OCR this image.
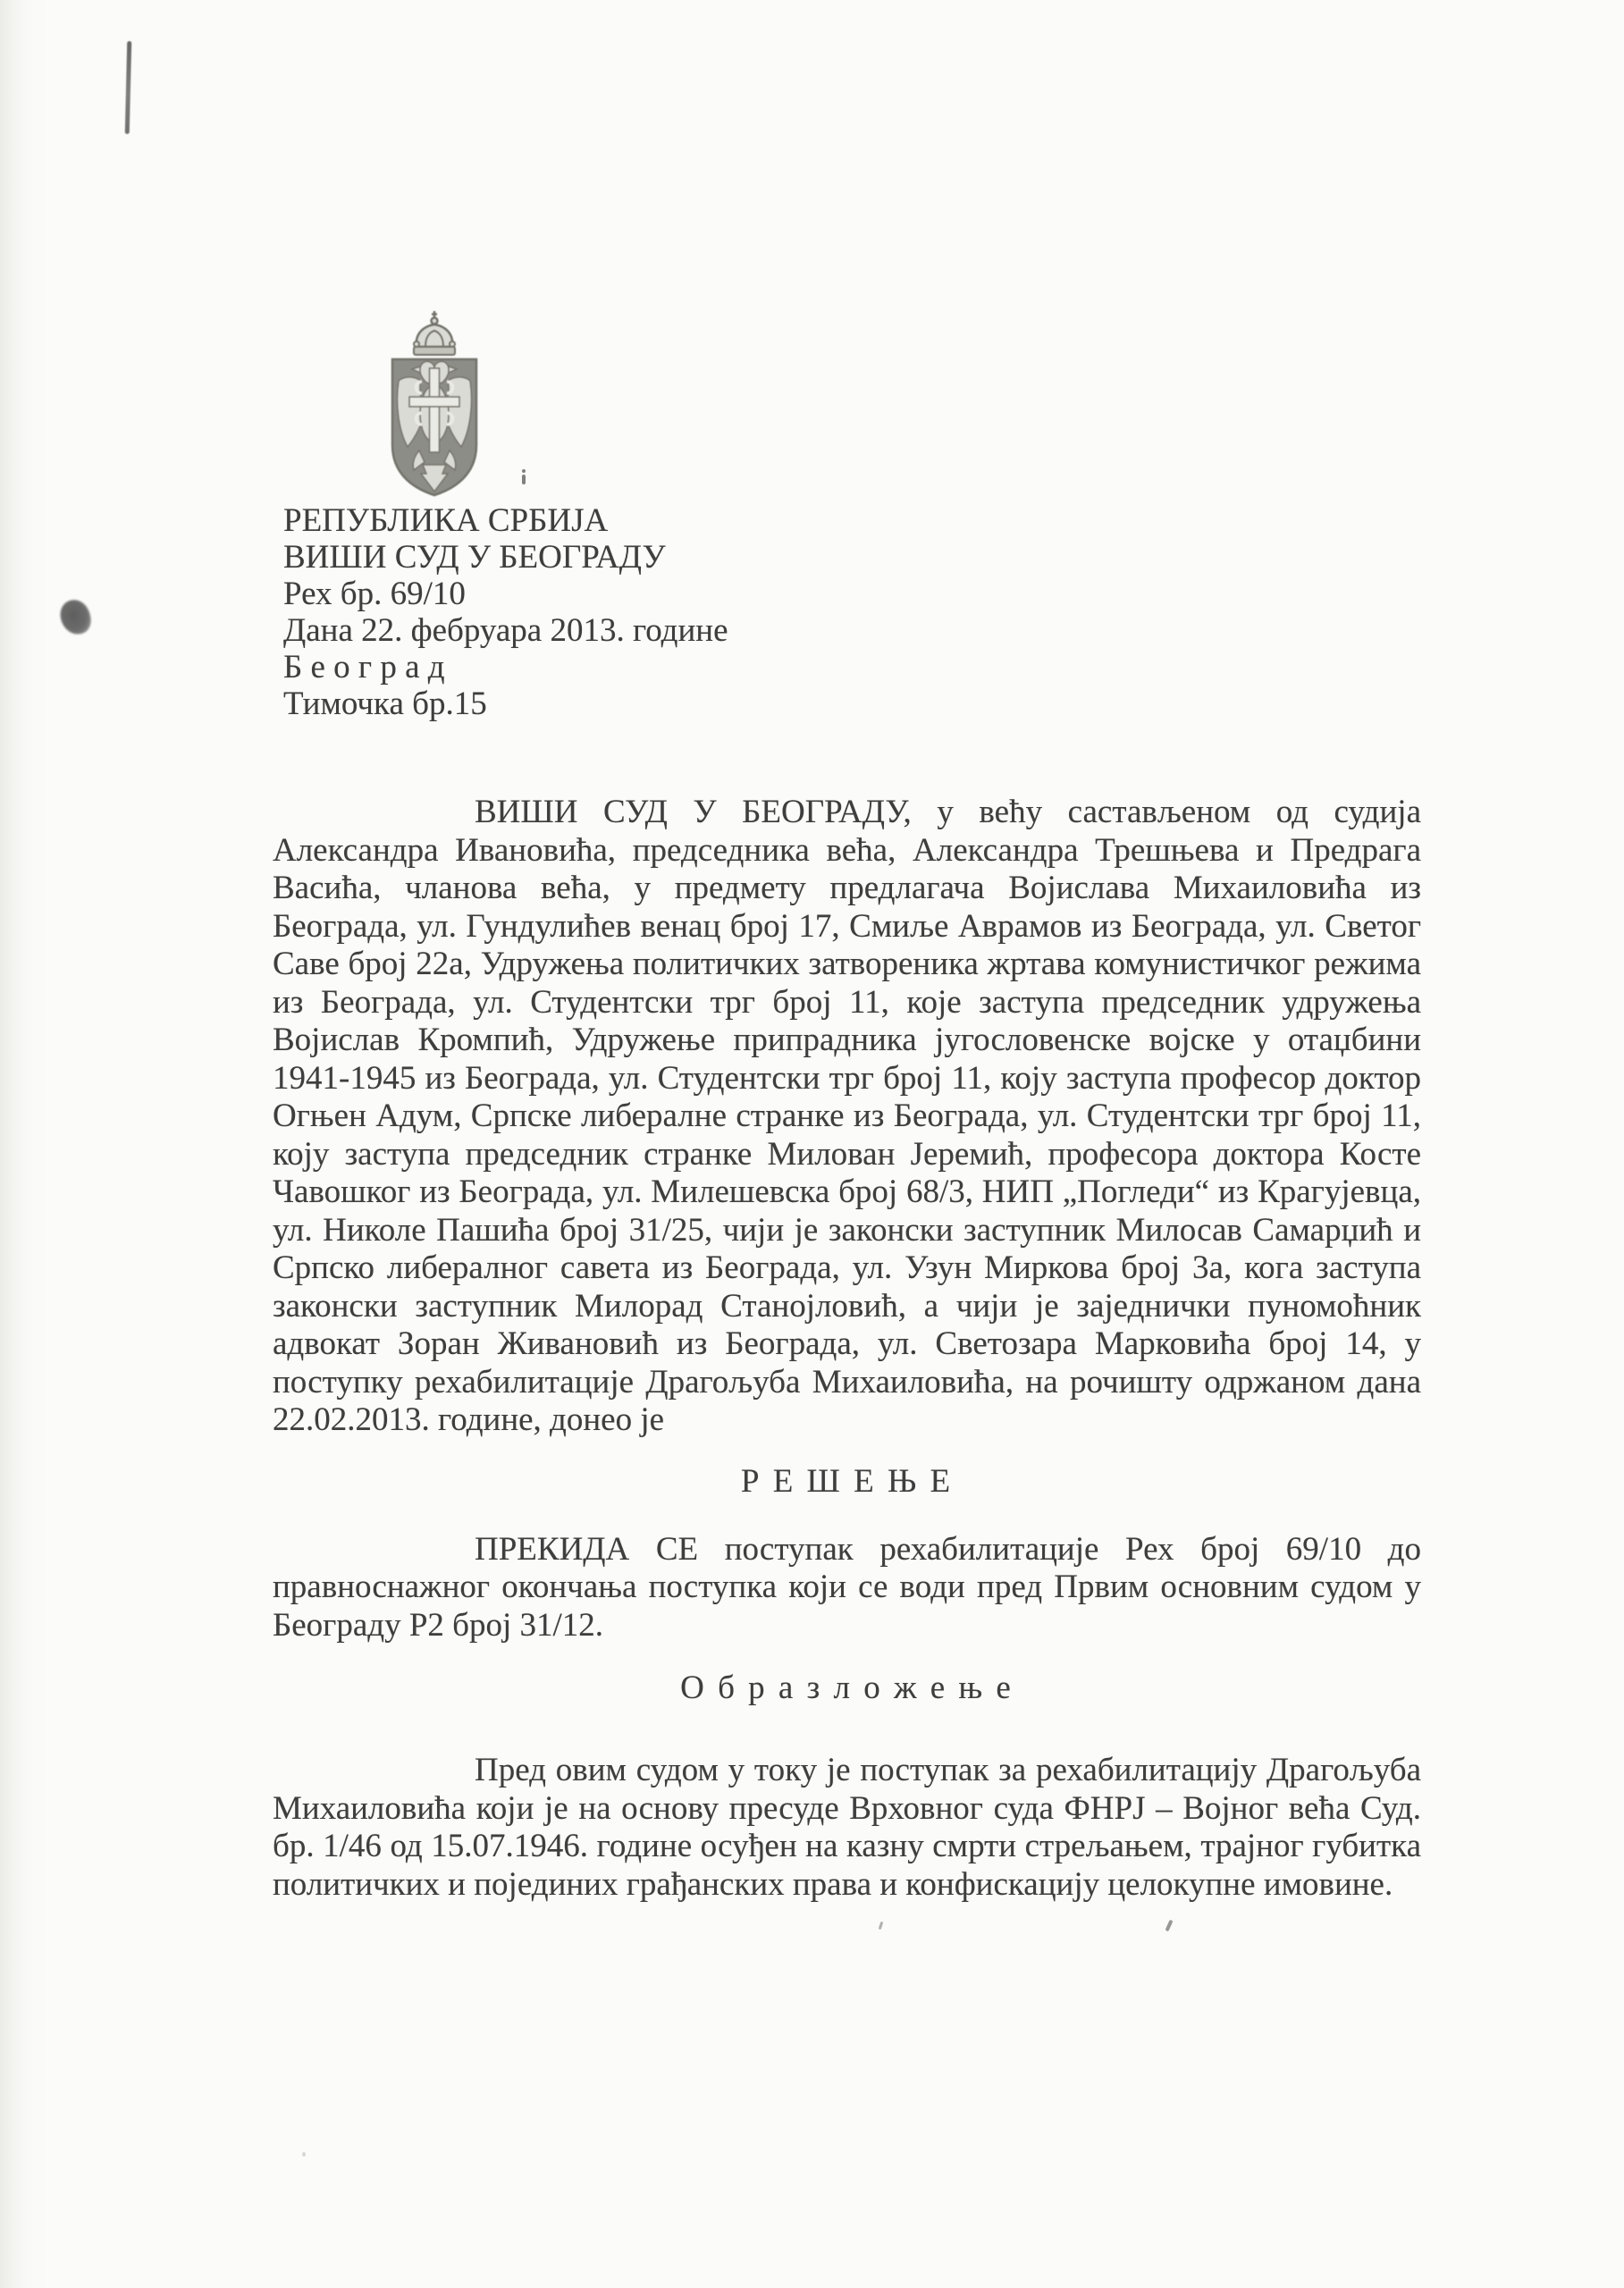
РЕПУБЛИКА СРБИЈА
ВИШИ СУД У БЕОГРАДУ
Рех бр. 69/10
Дана 22. фебруара 2013. године
Б е о г р а д
Тимочка бр.15

ВИШИ СУД У БЕОГРАДУ, у већу састављеном од судија Александра Ивановића, председника већа, Александра Трешњева и Предрага Васића, чланова већа, у предмету предлагача Војислава Михаиловића из Београда, ул. Гундулићев венац број 17, Смиље Аврамов из Београда, ул. Светог Саве број 22а, Удружења политичких затвореника жртава комунистичког режима из Београда, ул. Студентски трг број 11, које заступа председник удружења Војислав Кромпић, Удружење припрадника југословенске војске у отаџбини 1941-1945 из Београда, ул. Студентски трг број 11, коју заступа професор доктор Огњен Адум, Српске либералне странке из Београда, ул. Студентски трг број 11, коју заступа председник странке Милован Јеремић, професора доктора Косте Чавошког из Београда, ул. Милешевска број 68/3, НИП „Погледи“ из Крагујевца, ул. Николе Пашића број 31/25, чији је законски заступник Милосав Самарџић и Српско либералног савета из Београда, ул. Узун Миркова број 3а, кога заступа законски заступник Милорад Станојловић, а чији је заједнички пуномоћник адвокат Зоран Живановић из Београда, ул. Светозара Марковића број 14, у поступку рехабилитације Драгољуба Михаиловића, на рочишту одржаном дана 22.02.2013. године, донео је

Р Е Ш Е Њ Е

ПРЕКИДА СЕ поступак рехабилитације Рех број 69/10 до правноснажног окончања поступка који се води пред Првим основним судом у Београду Р2 број 31/12.

О б р а з л о ж е њ е

Пред овим судом у току је поступак за рехабилитацију Драгољуба Михаиловића који је на основу пресуде Врховног суда ФНРЈ – Војног већа Суд. бр. 1/46 од 15.07.1946. године осуђен на казну смрти стрељањем, трајног губитка политичких и појединих грађанских права и конфискацију целокупне имовине.
